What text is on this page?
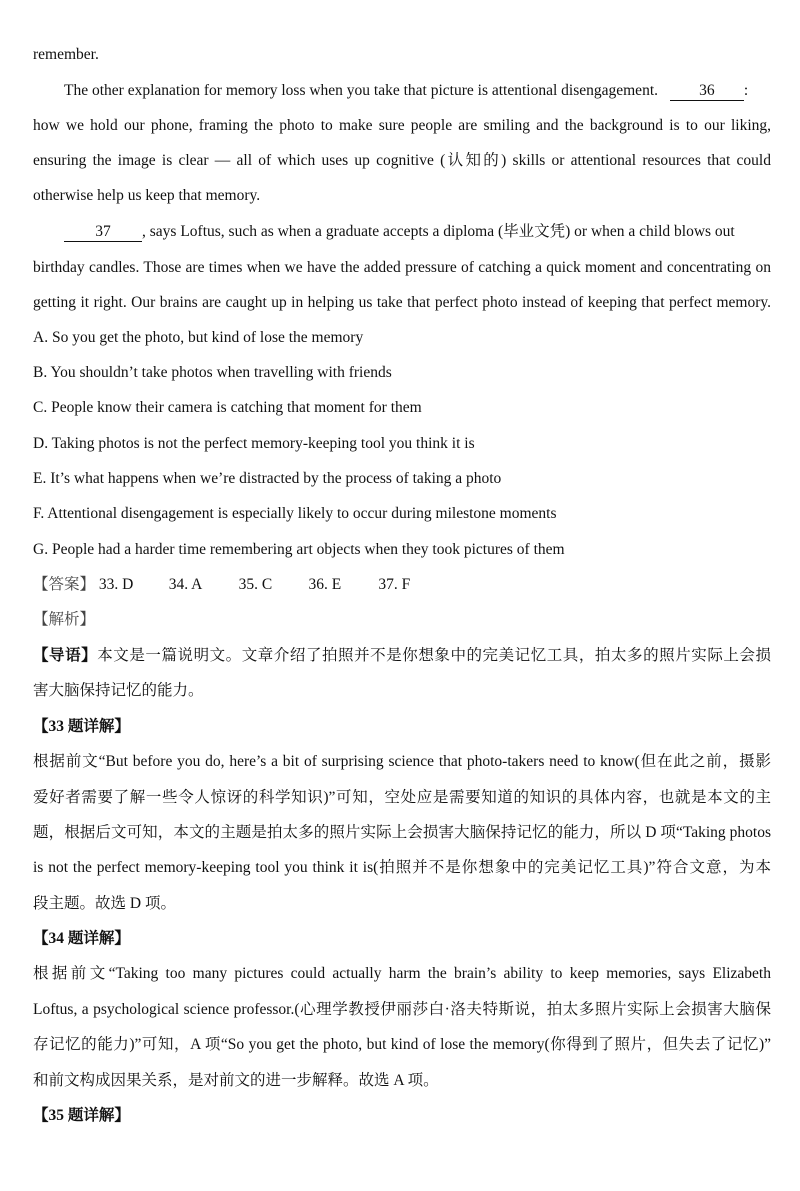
remember.
The other explanation for memory loss when you take that picture is attentional disengagement.	36 :
how we hold our phone, framing the photo to make sure people are smiling and the background is to our liking,
ensuring the image is clear — all of which uses up cognitive (认知的) skills or attentional resources that could
otherwise help us keep that memory.
37 , says Loftus, such as when a graduate accepts a diploma (毕业文凭) or when a child blows out
birthday candles. Those are times when we have the added pressure of catching a quick moment and concentrating on
getting it right. Our brains are caught up in helping us take that perfect photo instead of keeping that perfect memory.
A. So you get the photo, but kind of lose the memory
B. You shouldn’t take photos when travelling with friends
C. People know their camera is catching that moment for them
D. Taking photos is not the perfect memory-keeping tool you think it is
E. It’s what happens when we’re distracted by the process of taking a photo
F. Attentional disengagement is especially likely to occur during milestone moments
G. People had a harder time remembering art objects when they took pictures of them
【答案】 33. D 34. A 35. C 36. E 37. F
【解析】
【导语】本文是一篇说明文。文章介绍了拍照并不是你想象中的完美记忆工具，拍太多的照片实际上会损
害大脑保持记忆的能力。
【33 题详解】
根据前文“But before you do, here’s a bit of surprising science that photo-takers need to know(但在此之前，摄影
爱好者需要了解一些令人惊讶的科学知识)”可知，空处应是需要知道的知识的具体内容，也就是本文的主
题，根据后文可知，本文的主题是拍太多的照片实际上会损害大脑保持记忆的能力，所以 D 项“Taking photos
is not the perfect memory-keeping tool you think it is(拍照并不是你想象中的完美记忆工具)”符合文意，为本
段主题。故选 D 项。
【34 题详解】
根据前文“Taking too many pictures could actually harm the brain’s ability to keep memories, says Elizabeth
Loftus, a psychological science professor.(心理学教授伊丽莎白·洛夫特斯说，拍太多照片实际上会损害大脑保
存记忆的能力)”可知，A 项“So you get the photo, but kind of lose the memory(你得到了照片，但失去了记忆)”
和前文构成因果关系，是对前文的进一步解释。故选 A 项。
【35 题详解】
